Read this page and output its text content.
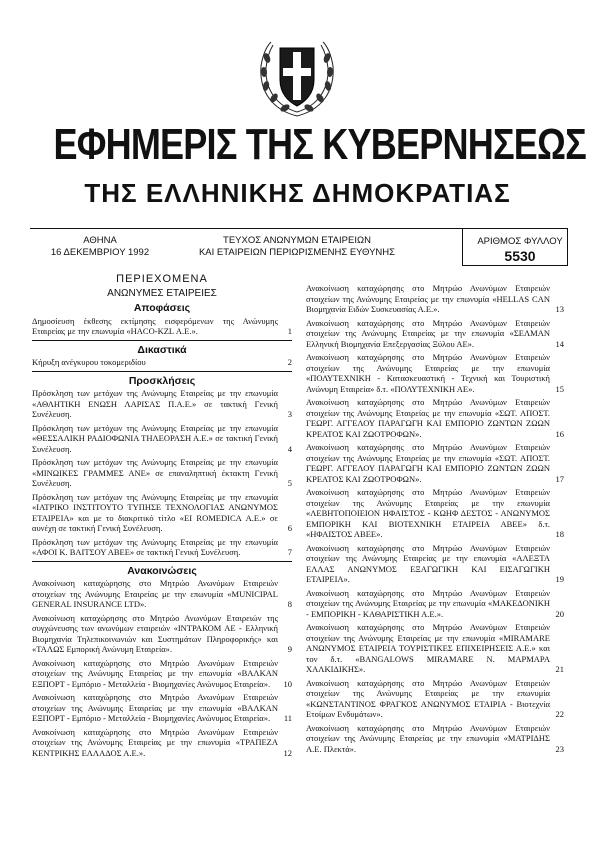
ΕΦΗΜΕΡΙΣ ΤΗΣ ΚΥΒΕΡΝΗΣΕΩΣ
ΤΗΣ ΕΛΛΗΝΙΚΗΣ ΔΗΜΟΚΡΑΤΙΑΣ
ΑΘΗΝΑ
16 ΔΕΚΕΜΒΡΙΟΥ 1992
ΤΕΥΧΟΣ ΑΝΩΝΥΜΩΝ ΕΤΑΙΡΕΙΩΝ
ΚΑΙ ΕΤΑΙΡΕΙΩΝ ΠΕΡΙΩΡΙΣΜΕΝΗΣ ΕΥΘΥΝΗΣ
ΑΡΙΘΜΟΣ ΦΥΛΛΟΥ
5530
ΠΕΡΙΕΧΟΜΕΝΑ
ΑΝΩΝΥΜΕΣ ΕΤΑΙΡΕΙΕΣ
Αποφάσεις
Δημοσίευση έκθεσης εκτίμησης εισφερόμενων της Ανώνυμης Εταιρείας με την επωνυμία «ΗΑCO-ΚΖL Α.Ε.».	1
Δικαστικά
Κήρυξη ανέγκυρου τοκομεριδίου	2
Προσκλήσεις
Πρόσκληση των μετόχων της Ανώνυμης Εταιρείας με την επωνυμία «ΑΘΛΗΤΙΚΗ ΕΝΩΣΗ ΛΑΡΙΣΑΣ Π.Α.Ε.» σε τακτική Γενική Συνέλευση.	3
Πρόσκληση των μετόχων της Ανώνυμης Εταιρείας με την επωνυμία «ΘΕΣΣΑΛΙΚΗ ΡΑΔΙΟΦΩΝΙΑ ΤΗΛΕΟΡΑΣΗ Α.Ε.» σε τακτική Γενική Συνέλευση.	4
Πρόσκληση των μετόχων της Ανώνυμης Εταιρείας με την επωνυμία «ΜΙΝΩΙΚΕΣ ΓΡΑΜΜΕΣ ΑΝΕ» σε επαναληπτική έκτακτη Γενική Συνέλευση.	5
Πρόσκληση των μετόχων της Ανώνυμης Εταιρείας με την επωνυμία «ΙΑΤΡΙΚΟ ΙΝΣΤΙΤΟΥΤΟ ΤΥΠΗΣΕ ΤΕΧΝΟΛΟΓΙΑΣ ΑΝΩΝΥΜΟΣ ΕΤΑΙΡΕΙΑ» και με το διακριτικό τίτλο «ΕΙ ROMEDICA Α.Ε.» σε αυνέχη σε τακτική Γενική Συνέλευση.	6
Πρόσκληση των μετόχων της Ανώνυμης Εταιρείας με την επωνυμία «ΑΦΟΙ Κ. ΒΑΙΤΣΟΥ ΑΒΕΕ» σε τακτική Γενική Συνέλευση.	7
Ανακοινώσεις
Ανακοίνωση καταχώρησης στο Μητρώο Ανωνύμων Εταιρειών στοιχείων της Ανώνυμης Εταιρείας με την επωνυμία «MUNICIPAL GENERAL INSURANCE LTD».	8
Ανακοίνωση καταχώρησης στο Μητρώο Ανωνύμων Εταιρειών της συγχώνευσης των ανωνύμων εταιρειών «ΙΝΤΡΑΚΟΜ ΑΕ - Ελληνική Βιομηχανία Τηλεπικοινωνιών και Συστημάτων Πληροφορικής» και «ΤΑΛΩΣ Εμπορική Ανώνυμη Εταιρεία».	9
Ανακοίνωση καταχώρησης στο Μητρώο Ανωνύμων Εταιρειών στοιχείων της Ανώνυμης Εταιρείας με την επωνυμία «ΒΑΛΚΑΝ ΕΞΠΟΡΤ - Εμπόριο - Μεταλλεία - Βιομηχανίες Ανώνυμος Εταιρεία». 10
Ανακοίνωση καταχώρησης στο Μητρώο Ανωνύμων Εταιρειών στοιχείων της Ανώνυμης Εταιρείας με την επωνυμία «ΒΑΛΚΑΝ ΕΞΠΟΡΤ - Εμπόριο - Μεταλλεία - Βιομηχανίες Ανώνυμος Εταιρεία». 11
Ανακοίνωση καταχώρησης στο Μητρώο Ανωνύμων Εταιρειών στοιχείων της Ανώνυμης Εταιρείας με την επωνυμία «ΤΡΑΠΕΖΑ ΚΕΝΤΡΙΚΗΣ ΕΛΛΑΔΟΣ Α.Ε.».	12
Ανακοίνωση καταχώρησης στο Μητρώο Ανωνύμων Εταιρειών στοιχείων της Ανώνυμης Εταιρείας με την επωνυμία «HELLAS CAN Βιομηχανία Ειδών Συσκευασίας Α.Ε.».	13
Ανακοίνωση καταχώρησης στο Μητρώο Ανωνύμων Εταιρειών στοιχείων της Ανώνυμης Εταιρείας με την επωνυμία «ΣΕΛΜΑΝ Ελληνική Βιομηχανία Επεξεργασίας Ξύλου ΑΕ».	14
Ανακοίνωση καταχώρησης στο Μητρώο Ανωνύμων Εταιρειών στοιχείων της Ανώνυμης Εταιρείας με την επωνυμία «ΠΟΛΥΤΕΧΝΙΚΗ - Κατασκευαστική - Τεχνική και Τουριστική Ανώνυμη Εταιρεία» δ.τ. «ΠΟΛΥΤΕΧΝΙΚΗ ΑΕ».	15
Ανακοίνωση καταχώρησης στο Μητρώο Ανωνύμων Εταιρειών στοιχείων της Ανώνυμης Εταιρείας με την επωνυμία «ΣΩΤ. ΑΠΟΣΤ. ΓΕΩΡΓ. ΑΓΓΕΛΟΥ ΠΑΡΑΓΩΓΗ ΚΑΙ ΕΜΠΟΡΙΟ ΖΩΝΤΩΝ ΖΩΩΝ ΚΡΕΑΤΟΣ ΚΑΙ ΖΩΟΤΡΟΦΩΝ».	16
Ανακοίνωση καταχώρησης στο Μητρώο Ανωνύμων Εταιρειών στοιχείων της Ανώνυμης Εταιρείας με την επωνυμία «ΣΩΤ. ΑΠΟΣΤ. ΓΕΩΡΓ. ΑΓΓΕΛΟΥ ΠΑΡΑΓΩΓΗ ΚΑΙ ΕΜΠΟΡΙΟ ΖΩΝΤΩΝ ΖΩΩΝ ΚΡΕΑΤΟΣ ΚΑΙ ΖΩΟΤΡΟΦΩΝ».	17
Ανακοίνωση καταχώρησης στο Μητρώο Ανωνύμων Εταιρειών στοιχείων της Ανώνυμης Εταιρείας με την επωνυμία «ΛΕΒΗΤΟΠΟΙΕΙΟΝ ΗΦΑΙΣΤΟΣ - ΚΩΗΦ ΔΕΣΤΟΣ - ΑΝΩΝΥΜΟΣ ΕΜΠΟΡΙΚΗ ΚΑΙ ΒΙΟΤΕΧΝΙΚΗ ΕΤΑΙΡΕΙΑ ΑΒΕΕ» δ.τ. «ΗΦΑΙΣΤΟΣ ΑΒΕΕ».	18
Ανακοίνωση καταχώρησης στο Μητρώο Ανωνύμων Εταιρειών στοιχείων της Ανώνυμης Εταιρείας με την επωνυμία «ΑΛΕΞΤΑ ΕΛΛΑΣ ΑΝΩΝΥΜΟΣ ΕΞΑΓΩΓΙΚΗ ΚΑΙ ΕΙΣΑΓΩΓΙΚΗ ΕΤΑΙΡΕΙΑ».	19
Ανακοίνωση καταχώρησης στο Μητρώο Ανωνύμων Εταιρειών στοιχείων της Ανώνυμης Εταιρείας με την επωνυμία «ΜΑΚΕΔΟΝΙΚΗ - ΕΜΠΟΡΙΚΗ - ΚΑΘΑΡΙΣΤΙΚΗ Α.Ε.».	20
Ανακοίνωση καταχώρησης στο Μητρώο Ανωνύμων Εταιρειών στοιχείων της Ανώνυμης Εταιρείας με την επωνυμία «MIRAMARE ΑΝΩΝΥΜΟΣ ΕΤΑΙΡΕΙΑ ΤΟΥΡΙΣΤΙΚΕΣ ΕΠΙΧΕΙΡΗΣΕΙΣ Α.Ε.» και τον δ.τ. «BANGALOWS MIRAMARE Ν. ΜΑΡΜΑΡΑ ΧΑΛΚΙΔΙΚΗΣ».	21
Ανακοίνωση καταχώρησης στο Μητρώο Ανωνύμων Εταιρειών στοιχείων της Ανώνυμης Εταιρείας με την επωνυμία «ΚΩΝΣΤΑΝΤΙΝΟΣ ΦΡΑΓΚΟΣ ΑΝΩΝΥΜΟΣ ΕΤΑΙΡΙΑ - Βιοτεχνία Ετοίμων Ενδυμάτων».	22
Ανακοίνωση καταχώρησης στο Μητρώο Ανωνύμων Εταιρειών στοιχείων της Ανώνυμης Εταιρείας με την επωνυμία «ΜΑΤΡΙΔΗΣ Α.Ε. Πλεκτά».	23
